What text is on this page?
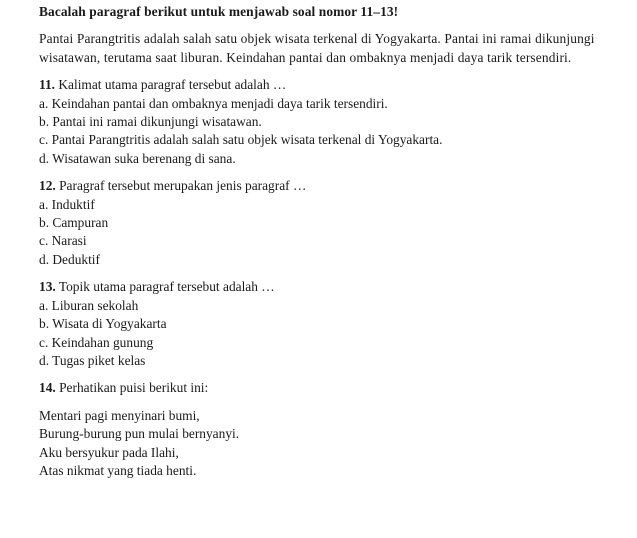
Bacalah paragraf berikut untuk menjawab soal nomor 11–13!

Pantai Parangtritis adalah salah satu objek wisata terkenal di Yogyakarta. Pantai ini ramai dikunjungi wisatawan, terutama saat liburan. Keindahan pantai dan ombaknya menjadi daya tarik tersendiri.

11. Kalimat utama paragraf tersebut adalah …

a. Keindahan pantai dan ombaknya menjadi daya tarik tersendiri.
b. Pantai ini ramai dikunjungi wisatawan.
c. Pantai Parangtritis adalah salah satu objek wisata terkenal di Yogyakarta.
d. Wisatawan suka berenang di sana.

12. Paragraf tersebut merupakan jenis paragraf …

a. Induktif
b. Campuran
c. Narasi
d. Deduktif

13. Topik utama paragraf tersebut adalah …

a. Liburan sekolah
b. Wisata di Yogyakarta
c. Keindahan gunung
d. Tugas piket kelas

14. Perhatikan puisi berikut ini:

Mentari pagi menyinari bumi,
Burung-burung pun mulai bernyanyi.
Aku bersyukur pada Ilahi,
Atas nikmat yang tiada henti.
